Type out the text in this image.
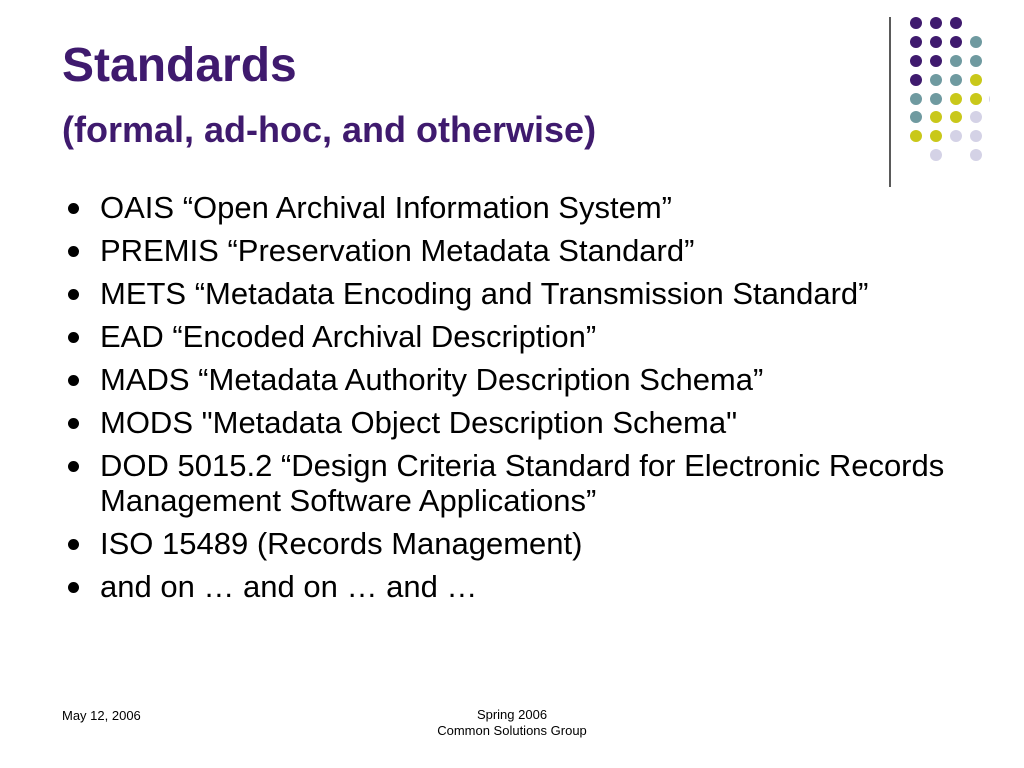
Standards
(formal, ad-hoc, and otherwise)
OAIS “Open Archival Information System”
PREMIS “Preservation Metadata Standard”
METS “Metadata Encoding and Transmission Standard”
EAD “Encoded Archival Description”
MADS “Metadata Authority Description Schema”
MODS "Metadata Object Description Schema"
DOD 5015.2 “Design Criteria Standard for Electronic Records Management Software Applications”
ISO 15489 (Records Management)
and on … and on … and …
May 12, 2006	Spring 2006
Common Solutions Group
